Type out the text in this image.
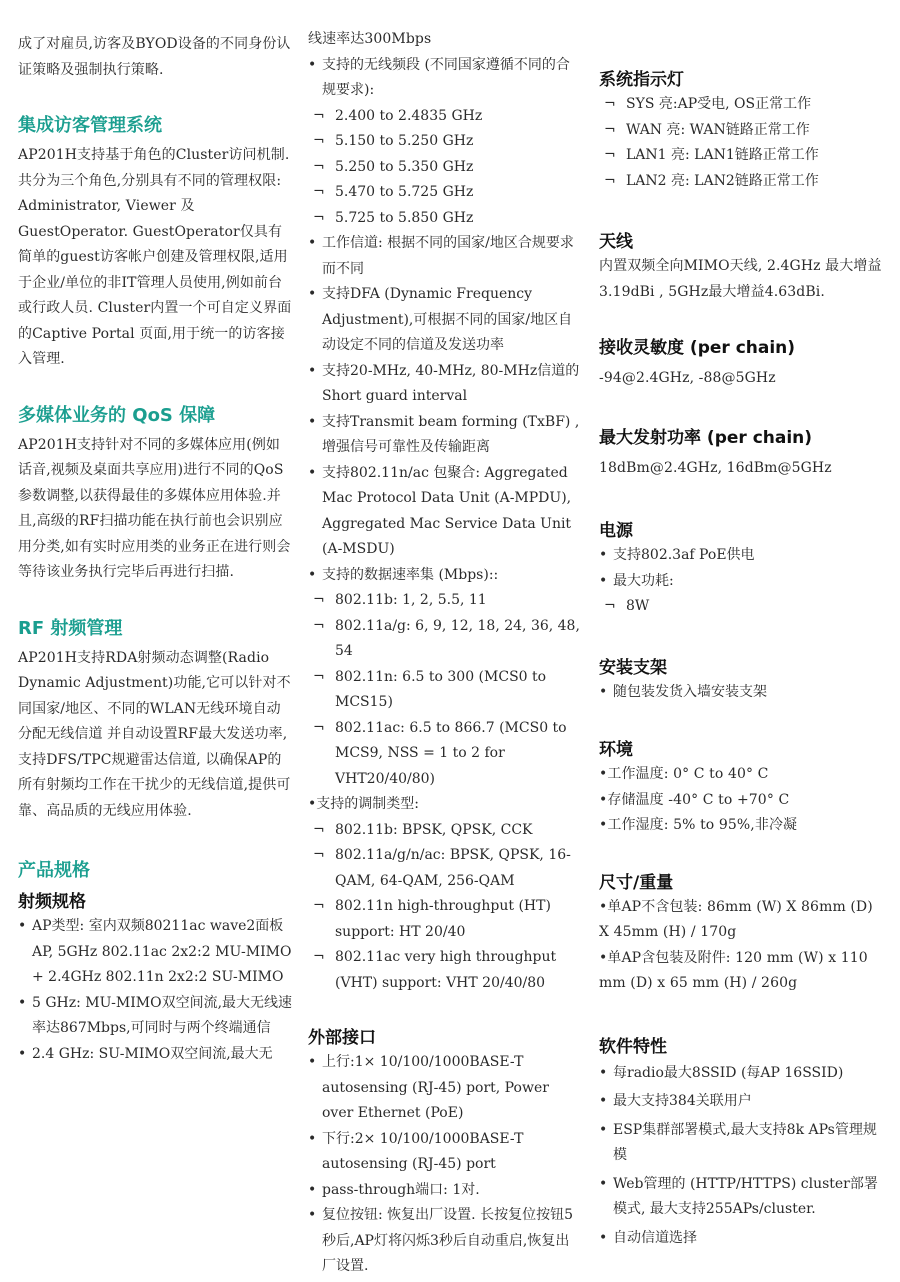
成了对雇员,访客及BYOD设备的不同身份认证策略及强制执行策略.

集成访客管理系统

AP201H支持基于角色的Cluster访问机制.共分为三个角色,分别具有不同的管理权限: Administrator, Viewer 及 GuestOperator. GuestOperator仅具有简单的guest访客帐户创建及管理权限,适用于企业/单位的非IT管理人员使用,例如前台或行政人员. Cluster内置一个可自定义界面的Captive Portal 页面,用于统一的访客接入管理.

多媒体业务的 QoS 保障

AP201H支持针对不同的多媒体应用(例如话音,视频及桌面共享应用)进行不同的QoS参数调整,以获得最佳的多媒体应用体验.并且,高级的RF扫描功能在执行前也会识别应用分类,如有实时应用类的业务正在进行则会等待该业务执行完毕后再进行扫描.

RF 射频管理

AP201H支持RDA射频动态调整(Radio Dynamic Adjustment)功能,它可以针对不同国家/地区、不同的WLAN无线环境自动分配无线信道 并自动设置RF最大发送功率,支持DFS/TPC规避雷达信道, 以确保AP的所有射频均工作在干扰少的无线信道,提供可靠、高品质的无线应用体验.

产品规格
射频规格
• AP类型: 室内双频80211ac wave2面板AP, 5GHz 802.11ac 2x2:2 MU-MIMO + 2.4GHz 802.11n 2x2:2 SU-MIMO
• 5 GHz: MU-MIMO双空间流,最大无线速率达867Mbps,可同时与两个终端通信
• 2.4 GHz: SU-MIMO双空间流,最大无

线速率达300Mbps

• 支持的无线频段 (不同国家遵循不同的合规要求):
¬ 2.400 to 2.4835 GHz
¬ 5.150 to 5.250 GHz
¬ 5.250 to 5.350 GHz
¬ 5.470 to 5.725 GHz
¬ 5.725 to 5.850 GHz
• 工作信道: 根据不同的国家/地区合规要求而不同
• 支持DFA (Dynamic Frequency Adjustment),可根据不同的国家/地区自动设定不同的信道及发送功率
• 支持20-MHz, 40-MHz, 80-MHz信道的Short guard interval
• 支持Transmit beam forming (TxBF) ,增强信号可靠性及传输距离
• 支持802.11n/ac 包聚合: Aggregated Mac Protocol Data Unit (A-MPDU), Aggregated Mac Service Data Unit (A-MSDU)
• 支持的数据速率集 (Mbps)::
¬ 802.11b: 1, 2, 5.5, 11
¬ 802.11a/g: 6, 9, 12, 18, 24, 36, 48, 54
¬ 802.11n: 6.5 to 300 (MCS0 to MCS15)
¬ 802.11ac: 6.5 to 866.7 (MCS0 to MCS9, NSS = 1 to 2 for VHT20/40/80)
• 支持的调制类型:
¬ 802.11b: BPSK, QPSK, CCK
¬ 802.11a/g/n/ac: BPSK, QPSK, 16-QAM, 64-QAM, 256-QAM
¬ 802.11n high-throughput (HT) support: HT 20/40
¬ 802.11ac very high throughput (VHT) support: VHT 20/40/80
外部接口
• 上行:1× 10/100/1000BASE-T autosensing (RJ-45) port, Power over Ethernet (PoE)
• 下行:2× 10/100/1000BASE-T autosensing (RJ-45) port
• pass-through端口: 1对.
• 复位按钮: 恢复出厂设置. 长按复位按钮5秒后,AP灯将闪烁3秒后自动重启,恢复出厂设置.
系统指示灯
¬ SYS 亮:AP受电, OS正常工作
¬ WAN 亮: WAN链路正常工作
¬ LAN1 亮: LAN1链路正常工作
¬ LAN2 亮: LAN2链路正常工作
天线

内置双频全向MIMO天线, 2.4GHz 最大增益3.19dBi , 5GHz最大增益4.63dBi.

接收灵敏度 (per chain)

-94@2.4GHz, -88@5GHz

最大发射功率 (per chain)

18dBm@2.4GHz, 16dBm@5GHz

电源
• 支持802.3af PoE供电
• 最大功耗:
¬ 8W
安装支架
• 随包装发货入墙安装支架
环境

•工作温度: 0° C to 40° C

•存储温度 -40° C to +70° C

•工作湿度: 5% to 95%,非冷凝

尺寸/重量

•单AP不含包装: 86mm (W) X 86mm (D) X 45mm (H) / 170g

•单AP含包装及附件: 120 mm (W) x 110 mm (D) x 65 mm (H) / 260g

软件特性
• 每radio最大8SSID (每AP 16SSID)
• 最大支持384关联用户
• ESP集群部署模式,最大支持8k APs管理规模
• Web管理的 (HTTP/HTTPS) cluster部署模式, 最大支持255APs/cluster.
• 自动信道选择
